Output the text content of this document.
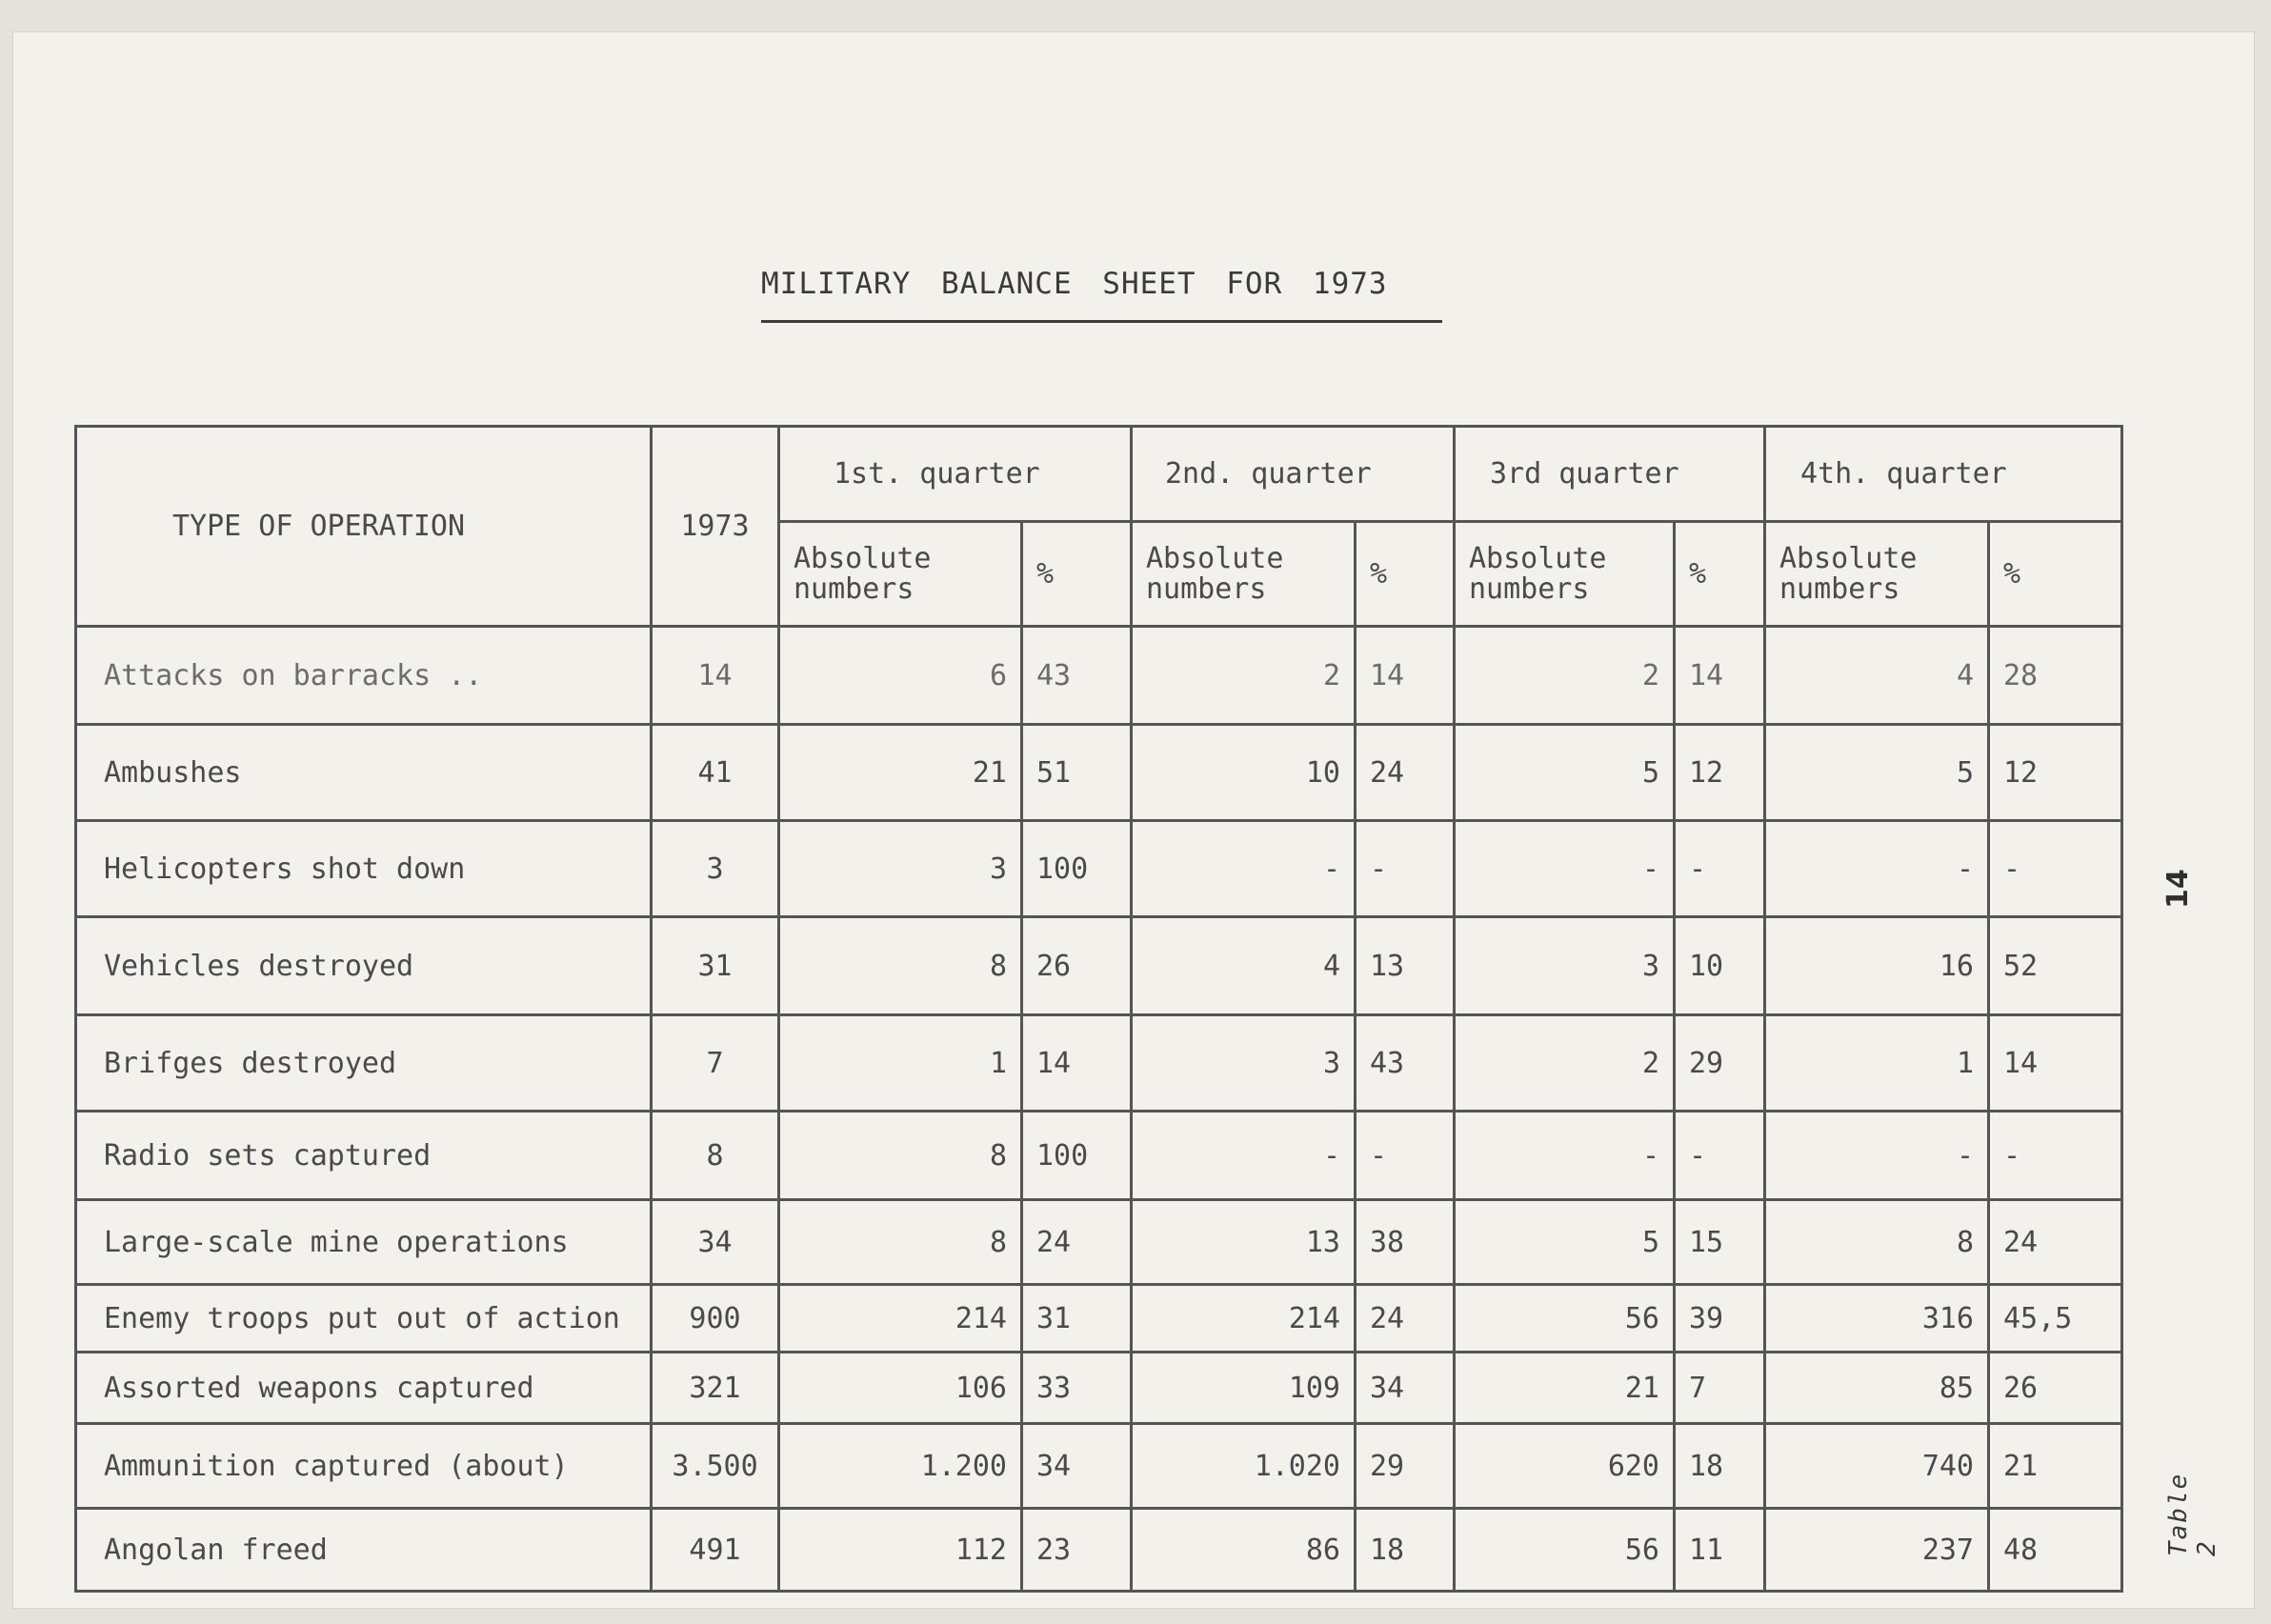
MILITARY BALANCE SHEET FOR 1973
TYPE OF OPERATION	1973	1st. quarter		2nd. quarter		3rd quarter		4th. quarter	
		Absolute numbers	%	Absolute numbers	%	Absolute numbers	%	Absolute numbers	%
Attacks on barracks ..	14	6	43	2	14	2	14	4	28
Ambushes	41	21	51	10	24	5	12	5	12
Helicopters shot down	3	3	100	-	-	-	-	-	-
Vehicles destroyed	31	8	26	4	13	3	10	16	52
Brifges destroyed	7	1	14	3	43	2	29	1	14
Radio sets captured	8	8	100	-	-	-	-	-	-
Large-scale mine operations	34	8	24	13	38	5	15	8	24
Enemy troops put out of action	900	214	31	214	24	56	39	316	45,5
Assorted weapons captured	321	106	33	109	34	21	7	85	26
Ammunition captured (about)	3.500	1.200	34	1.020	29	620	18	740	21
Angolan freed	491	112	23	86	18	56	11	237	48
14
Table 2
